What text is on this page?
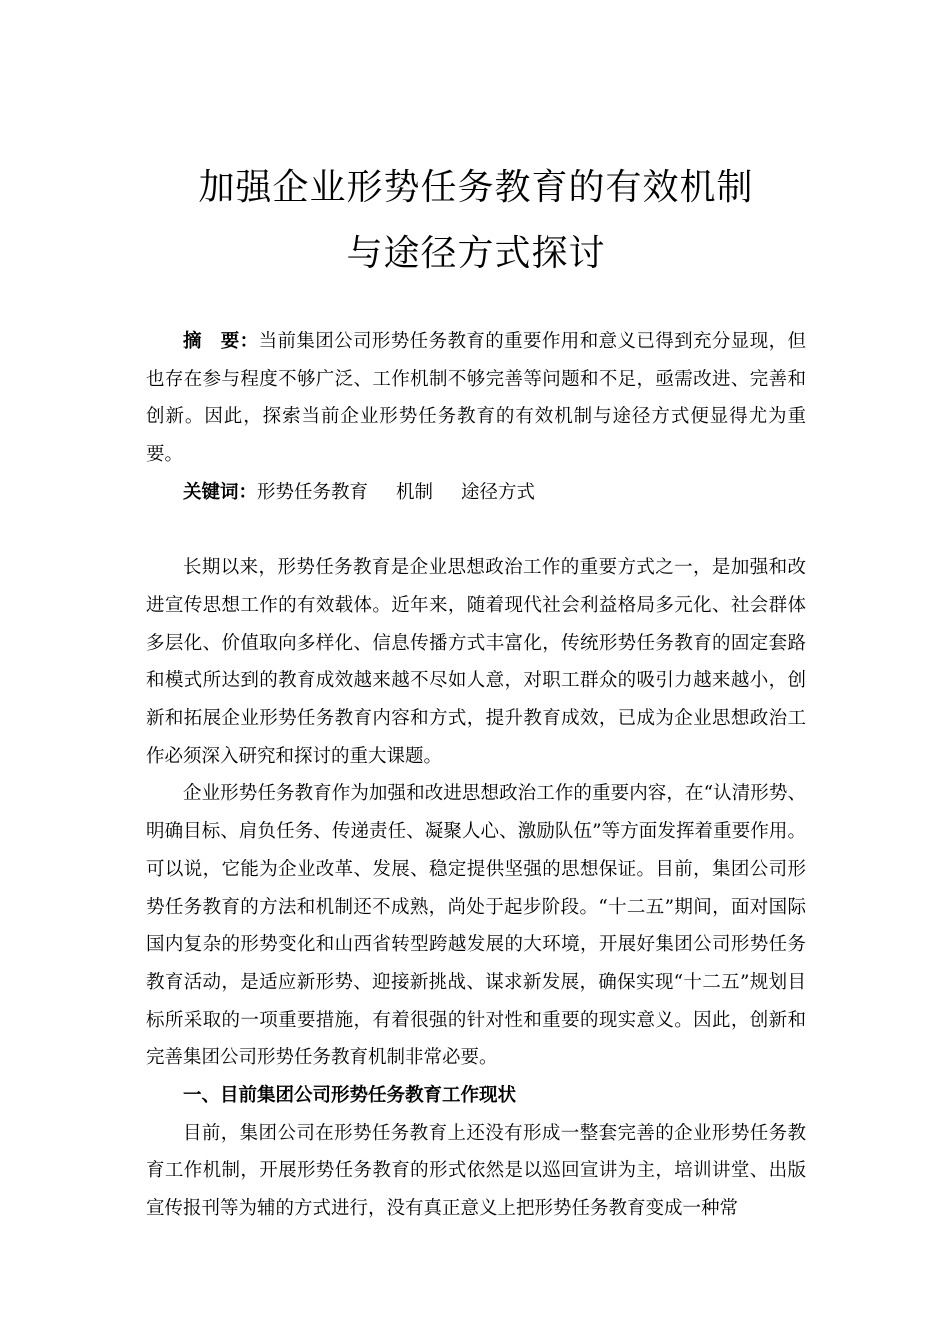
加强企业形势任务教育的有效机制
与途径方式探讨

摘　要：当前集团公司形势任务教育的重要作用和意义已得到充分显现，但也存在参与程度不够广泛、工作机制不够完善等问题和不足，亟需改进、完善和创新。因此，探索当前企业形势任务教育的有效机制与途径方式便显得尤为重要。

关键词：形势任务教育 机制 途径方式

长期以来，形势任务教育是企业思想政治工作的重要方式之一，是加强和改进宣传思想工作的有效载体。近年来，随着现代社会利益格局多元化、社会群体多层化、价值取向多样化、信息传播方式丰富化，传统形势任务教育的固定套路和模式所达到的教育成效越来越不尽如人意，对职工群众的吸引力越来越小，创新和拓展企业形势任务教育内容和方式，提升教育成效，已成为企业思想政治工作必须深入研究和探讨的重大课题。

企业形势任务教育作为加强和改进思想政治工作的重要内容，在“认清形势、明确目标、肩负任务、传递责任、凝聚人心、激励队伍”等方面发挥着重要作用。可以说，它能为企业改革、发展、稳定提供坚强的思想保证。目前，集团公司形势任务教育的方法和机制还不成熟，尚处于起步阶段。“十二五”期间，面对国际国内复杂的形势变化和山西省转型跨越发展的大环境，开展好集团公司形势任务教育活动，是适应新形势、迎接新挑战、谋求新发展，确保实现“十二五”规划目标所采取的一项重要措施，有着很强的针对性和重要的现实意义。因此，创新和完善集团公司形势任务教育机制非常必要。

一、目前集团公司形势任务教育工作现状

目前，集团公司在形势任务教育上还没有形成一整套完善的企业形势任务教育工作机制，开展形势任务教育的形式依然是以巡回宣讲为主，培训讲堂、出版宣传报刊等为辅的方式进行，没有真正意义上把形势任务教育变成一种常
